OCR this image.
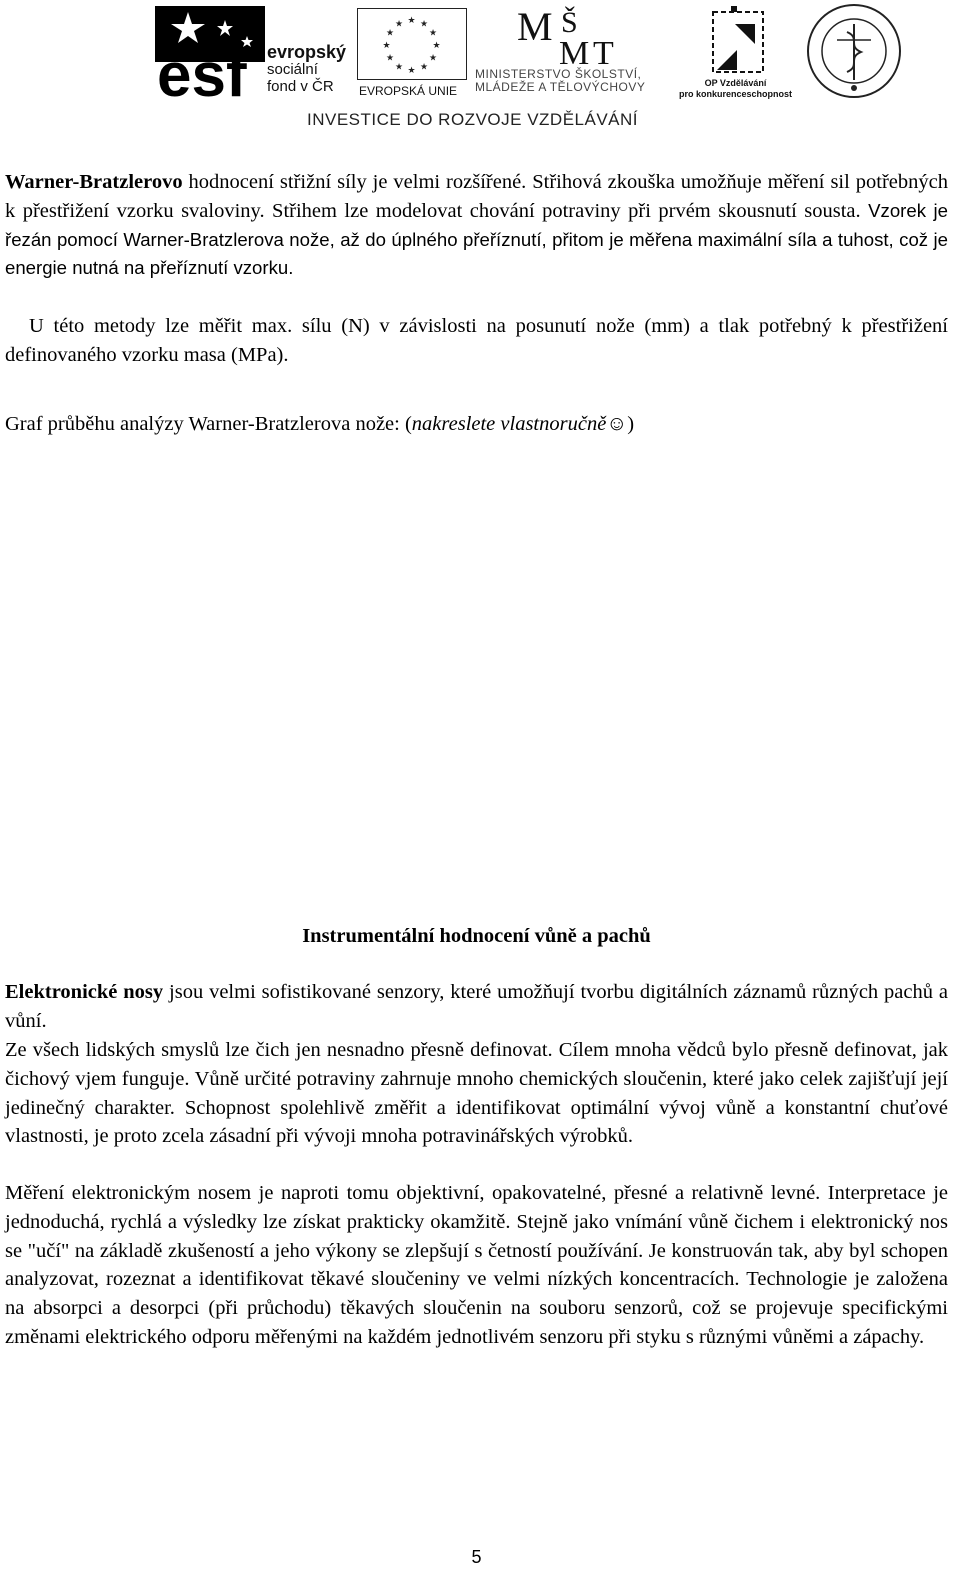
esf evropský
sociální
fond v ČR
★ ★
★
★
★
★
★
★
★
★
★
★
EVROPSKÁ UNIE
M Š
M T
MINISTERSTVO ŠKOLSTVÍ,
MLÁDEŽE A TĚLOVÝCHOVY	OP Vzdělávání
pro konkurenceschopnost
INVESTICE DO ROZVOJE VZDĚLÁVÁNÍ
Warner-Bratzlerovo hodnocení střižní síly je velmi rozšířené. Střihová zkouška umožňuje měření sil potřebných k přestřižení vzorku svaloviny. Střihem lze modelovat chování potraviny při prvém skousnutí sousta. Vzorek je řezán pomocí Warner-Bratzlerova nože, až do úplného přeříznutí, přitom je měřena maximální síla a tuhost, což je energie nutná na přeříznutí vzorku.
U této metody lze měřit max. sílu (N) v závislosti na posunutí nože (mm) a tlak potřebný k přestřižení definovaného vzorku masa (MPa).
Graf průběhu analýzy Warner-Bratzlerova nože: (nakreslete vlastnoručně☺)
Instrumentální hodnocení vůně a pachů
Elektronické nosy jsou velmi sofistikované senzory, které umožňují tvorbu digitálních záznamů různých pachů a vůní.
Ze všech lidských smyslů lze čich jen nesnadno přesně definovat. Cílem mnoha vědců bylo přesně definovat, jak čichový vjem funguje. Vůně určité potraviny zahrnuje mnoho chemických sloučenin, které jako celek zajišťují její jedinečný charakter. Schopnost spolehlivě změřit a identifikovat optimální vývoj vůně a konstantní chuťové vlastnosti, je proto zcela zásadní při vývoji mnoha potravinářských výrobků.
Měření elektronickým nosem je naproti tomu objektivní, opakovatelné, přesné a relativně levné. Interpretace je jednoduchá, rychlá a výsledky lze získat prakticky okamžitě. Stejně jako vnímání vůně čichem i elektronický nos se "učí" na základě zkušeností a jeho výkony se zlepšují s četností používání. Je konstruován tak, aby byl schopen analyzovat, rozeznat a identifikovat těkavé sloučeniny ve velmi nízkých koncentracích. Technologie je založena na absorpci a desorpci (při průchodu) těkavých sloučenin na souboru senzorů, což se projevuje specifickými změnami elektrického odporu měřenými na každém jednotlivém senzoru při styku s různými vůněmi a zápachy.
5
